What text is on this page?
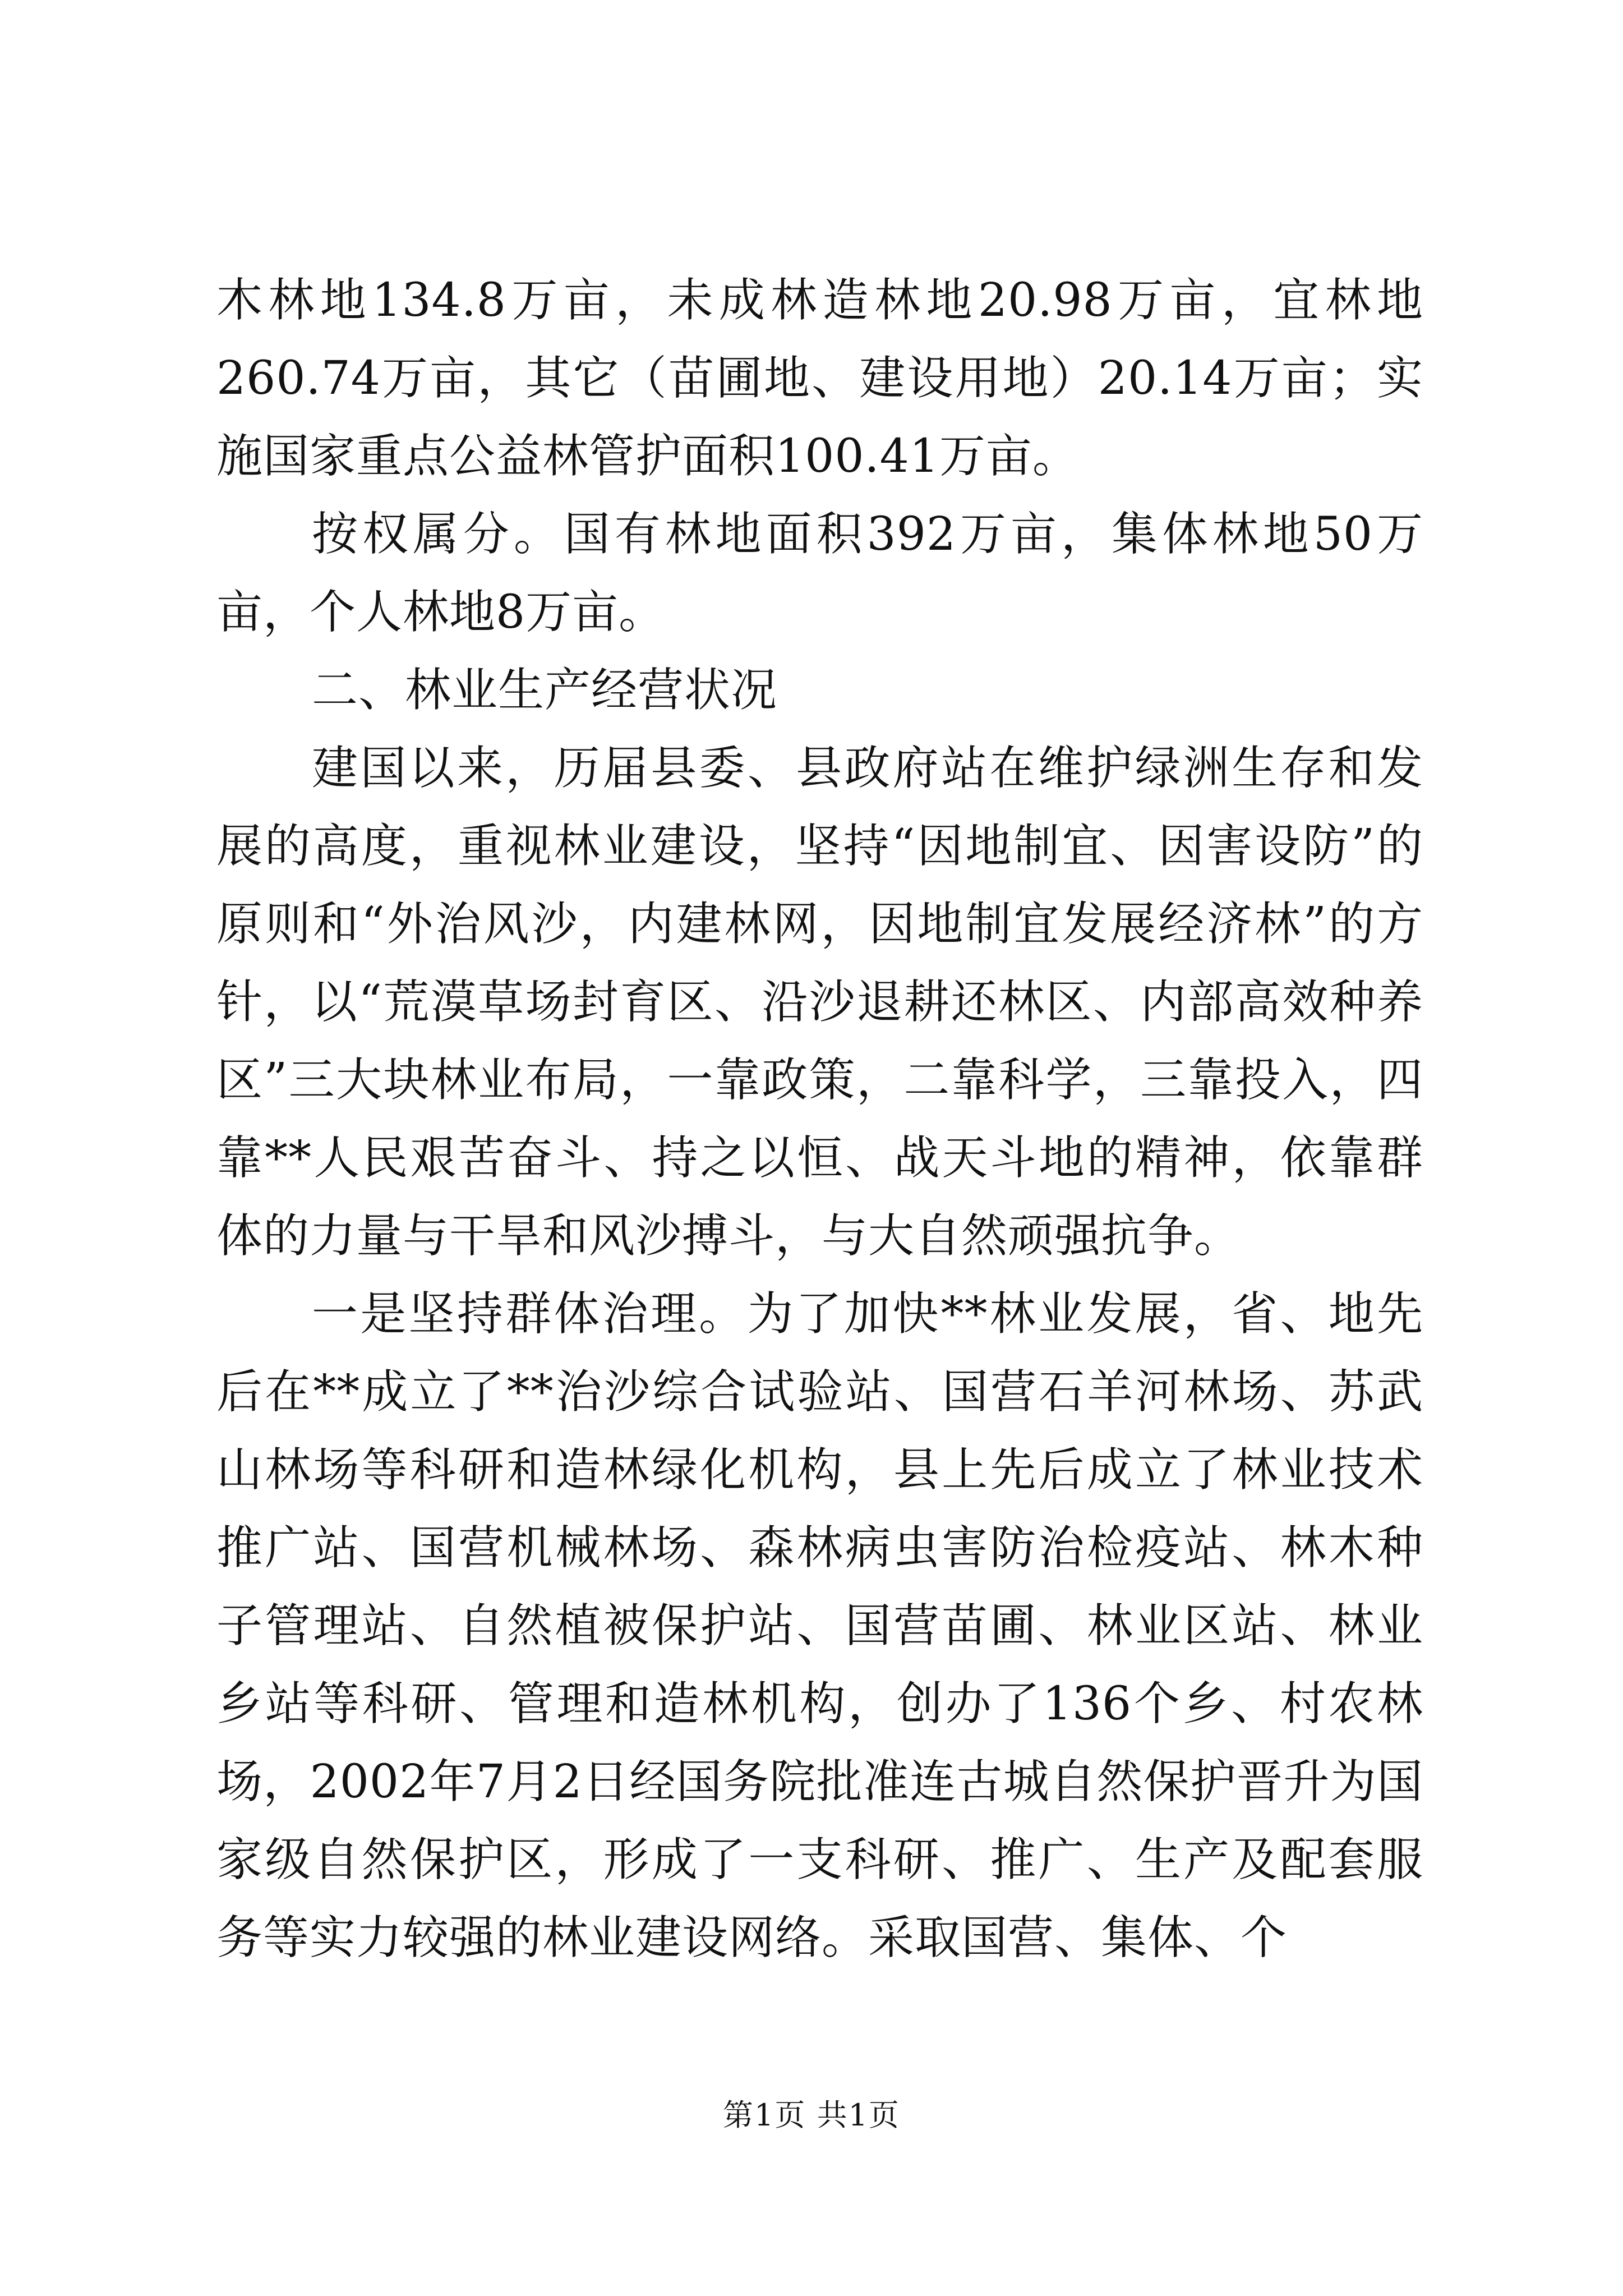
木林地134.8万亩，未成林造林地20.98万亩，宜林地260.74万亩，其它（苗圃地、建设用地）20.14万亩；实施国家重点公益林管护面积100.41万亩。

按权属分。国有林地面积392万亩，集体林地50万亩，个人林地8万亩。

二、林业生产经营状况

建国以来，历届县委、县政府站在维护绿洲生存和发展的高度，重视林业建设，坚持“因地制宜、因害设防”的原则和“外治风沙，内建林网，因地制宜发展经济林”的方针，以“荒漠草场封育区、沿沙退耕还林区、内部高效种养区”三大块林业布局，一靠政策，二靠科学，三靠投入，四靠**人民艰苦奋斗、持之以恒、战天斗地的精神，依靠群体的力量与干旱和风沙搏斗，与大自然顽强抗争。

一是坚持群体治理。为了加快**林业发展，省、地先后在**成立了**治沙综合试验站、国营石羊河林场、苏武山林场等科研和造林绿化机构，县上先后成立了林业技术推广站、国营机械林场、森林病虫害防治检疫站、林木种子管理站、自然植被保护站、国营苗圃、林业区站、林业乡站等科研、管理和造林机构，创办了136个乡、村农林场，2002年7月2日经国务院批准连古城自然保护晋升为国家级自然保护区，形成了一支科研、推广、生产及配套服务等实力较强的林业建设网络。采取国营、集体、个

第1页 共1页
